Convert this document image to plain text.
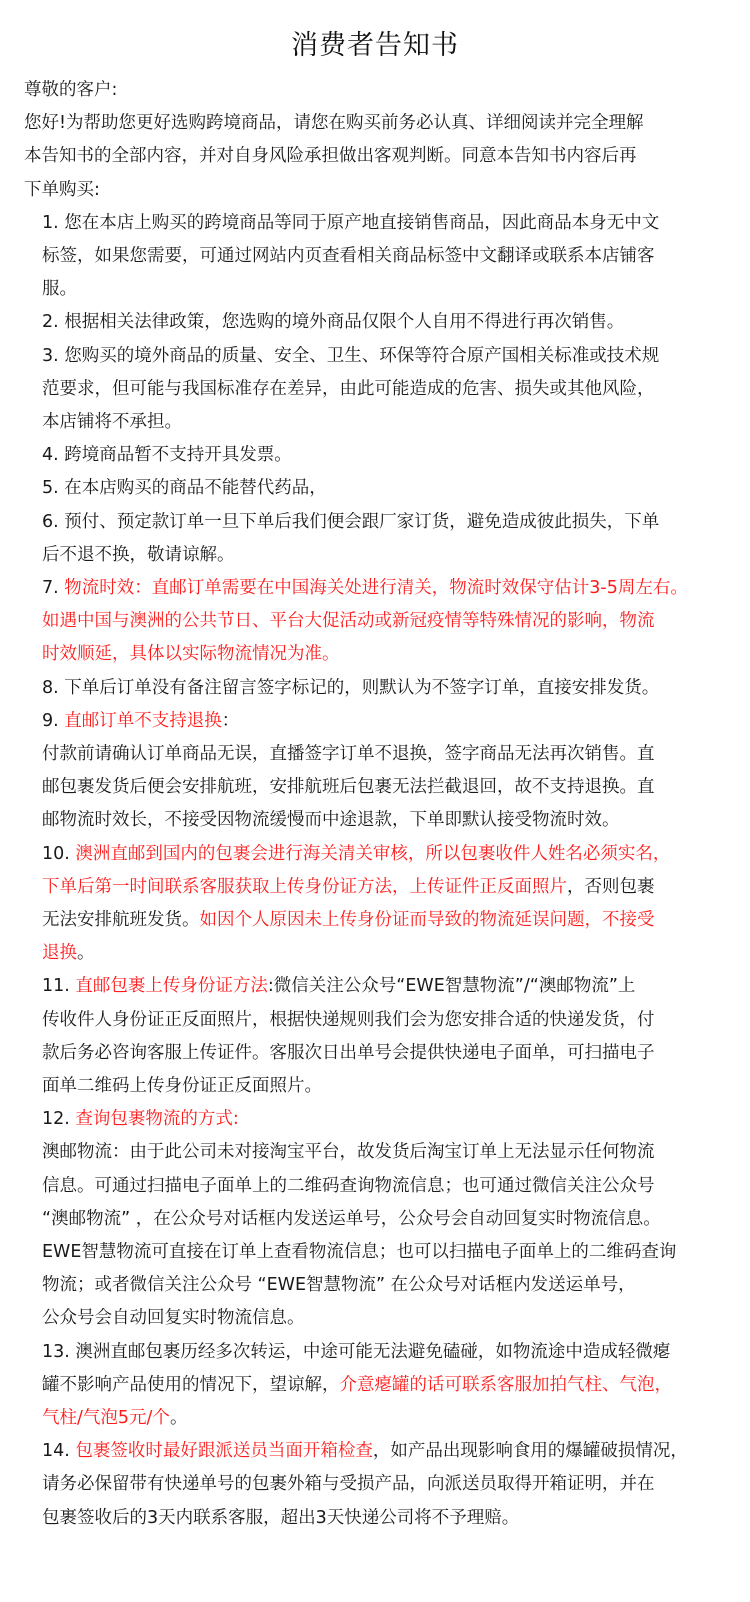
消费者告知书
尊敬的客户:
您好!为帮助您更好选购跨境商品，请您在购买前务必认真、详细阅读并完全理解
本告知书的全部内容，并对自身风险承担做出客观判断。同意本告知书内容后再
下单购买:
1. 您在本店上购买的跨境商品等同于原产地直接销售商品，因此商品本身无中文
标签，如果您需要，可通过网站内页查看相关商品标签中文翻译或联系本店铺客
服。
2. 根据相关法律政策，您选购的境外商品仅限个人自用不得进行再次销售。
3. 您购买的境外商品的质量、安全、卫生、环保等符合原产国相关标准或技术规
范要求，但可能与我国标准存在差异，由此可能造成的危害、损失或其他风险，
本店铺将不承担。
4. 跨境商品暂不支持开具发票。
5. 在本店购买的商品不能替代药品，
6. 预付、预定款订单一旦下单后我们便会跟厂家订货，避免造成彼此损失，下单
后不退不换，敬请谅解。
7. 物流时效：直邮订单需要在中国海关处进行清关，物流时效保守估计3-5周左右。
如遇中国与澳洲的公共节日、平台大促活动或新冠疫情等特殊情况的影响，物流
时效顺延，具体以实际物流情况为准。
8. 下单后订单没有备注留言签字标记的，则默认为不签字订单，直接安排发货。
9. 直邮订单不支持退换：
付款前请确认订单商品无误，直播签字订单不退换，签字商品无法再次销售。直
邮包裹发货后便会安排航班，安排航班后包裹无法拦截退回，故不支持退换。直
邮物流时效长，不接受因物流缓慢而中途退款，下单即默认接受物流时效。
10. 澳洲直邮到国内的包裹会进行海关清关审核，所以包裹收件人姓名必须实名，
下单后第一时间联系客服获取上传身份证方法，上传证件正反面照片，否则包裹
无法安排航班发货。如因个人原因未上传身份证而导致的物流延误问题，不接受
退换。
11. 直邮包裹上传身份证方法:微信关注公众号“EWE智慧物流”/“澳邮物流”上
传收件人身份证正反面照片，根据快递规则我们会为您安排合适的快递发货，付
款后务必咨询客服上传证件。客服次日出单号会提供快递电子面单，可扫描电子
面单二维码上传身份证正反面照片。
12. 查询包裹物流的方式:
澳邮物流：由于此公司未对接淘宝平台，故发货后淘宝订单上无法显示任何物流
信息。可通过扫描电子面单上的二维码查询物流信息；也可通过微信关注公众号
“澳邮物流” ，在公众号对话框内发送运单号，公众号会自动回复实时物流信息。
EWE智慧物流可直接在订单上查看物流信息；也可以扫描电子面单上的二维码查询
物流；或者微信关注公众号 “EWE智慧物流” 在公众号对话框内发送运单号，
公众号会自动回复实时物流信息。
13. 澳洲直邮包裹历经多次转运，中途可能无法避免磕碰，如物流途中造成轻微瘪
罐不影响产品使用的情况下，望谅解，介意瘪罐的话可联系客服加拍气柱、气泡，
气柱/气泡5元/个。
14. 包裹签收时最好跟派送员当面开箱检查，如产品出现影响食用的爆罐破损情况，
请务必保留带有快递单号的包裹外箱与受损产品，向派送员取得开箱证明，并在
包裹签收后的3天内联系客服，超出3天快递公司将不予理赔。
